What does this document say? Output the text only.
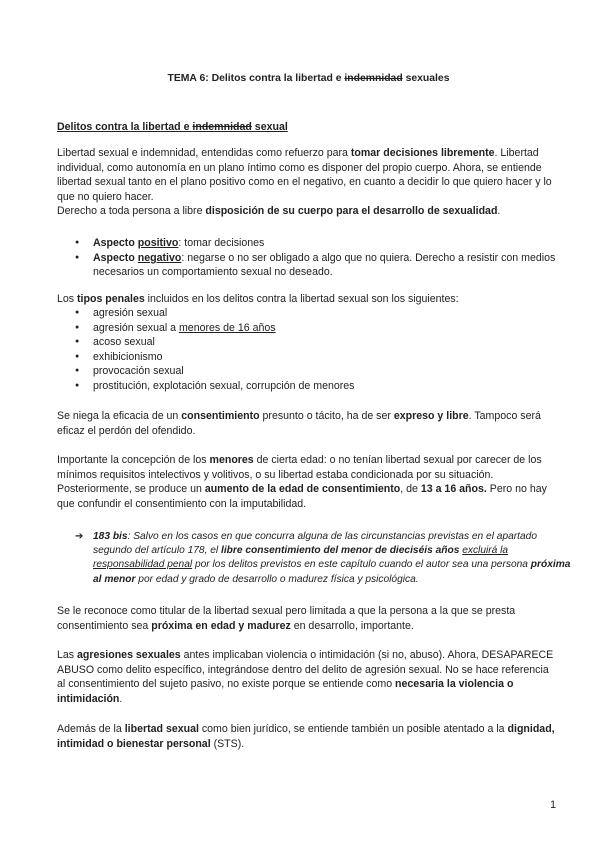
TEMA 6: Delitos contra la libertad e indemnidad sexuales
Delitos contra la libertad e indemnidad sexual

Libertad sexual e indemnidad, entendidas como refuerzo para tomar decisiones libremente. Libertad individual, como autonomía en un plano íntimo como es disponer del propio cuerpo. Ahora, se entiende libertad sexual tanto en el plano positivo como en el negativo, en cuanto a decidir lo que quiero hacer y lo que no quiero hacer.
Derecho a toda persona a libre disposición de su cuerpo para el desarrollo de sexualidad.

● Aspecto positivo: tomar decisiones
● Aspecto negativo: negarse o no ser obligado a algo que no quiera. Derecho a resistir con medios necesarios un comportamiento sexual no deseado.

Los tipos penales incluidos en los delitos contra la libertad sexual son los siguientes:

● agresión sexual
● agresión sexual a menores de 16 años
● acoso sexual
● exhibicionismo
● provocación sexual
● prostitución, explotación sexual, corrupción de menores

Se niega la eficacia de un consentimiento presunto o tácito, ha de ser expreso y libre. Tampoco será eficaz el perdón del ofendido.

Importante la concepción de los menores de cierta edad: o no tenían libertad sexual por carecer de los mínimos requisitos intelectivos y volitivos, o su libertad estaba condicionada por su situación. Posteriormente, se produce un aumento de la edad de consentimiento, de 13 a 16 años. Pero no hay que confundir el consentimiento con la imputabilidad.

➔ 183 bis: Salvo en los casos en que concurra alguna de las circunstancias previstas en el apartado segundo del artículo 178, el libre consentimiento del menor de dieciséis años excluirá la responsabilidad penal por los delitos previstos en este capítulo cuando el autor sea una persona próxima al menor por edad y grado de desarrollo o madurez física y psicológica.

Se le reconoce como titular de la libertad sexual pero limitada a que la persona a la que se presta consentimiento sea próxima en edad y madurez en desarrollo, importante.

Las agresiones sexuales antes implicaban violencia o intimidación (si no, abuso). Ahora, DESAPARECE ABUSO como delito específico, integrándose dentro del delito de agresión sexual. No se hace referencia al consentimiento del sujeto pasivo, no existe porque se entiende como necesaria la violencia o intimidación.

Además de la libertad sexual como bien jurídico, se entiende también un posible atentado a la dignidad, intimidad o bienestar personal (STS).

1
